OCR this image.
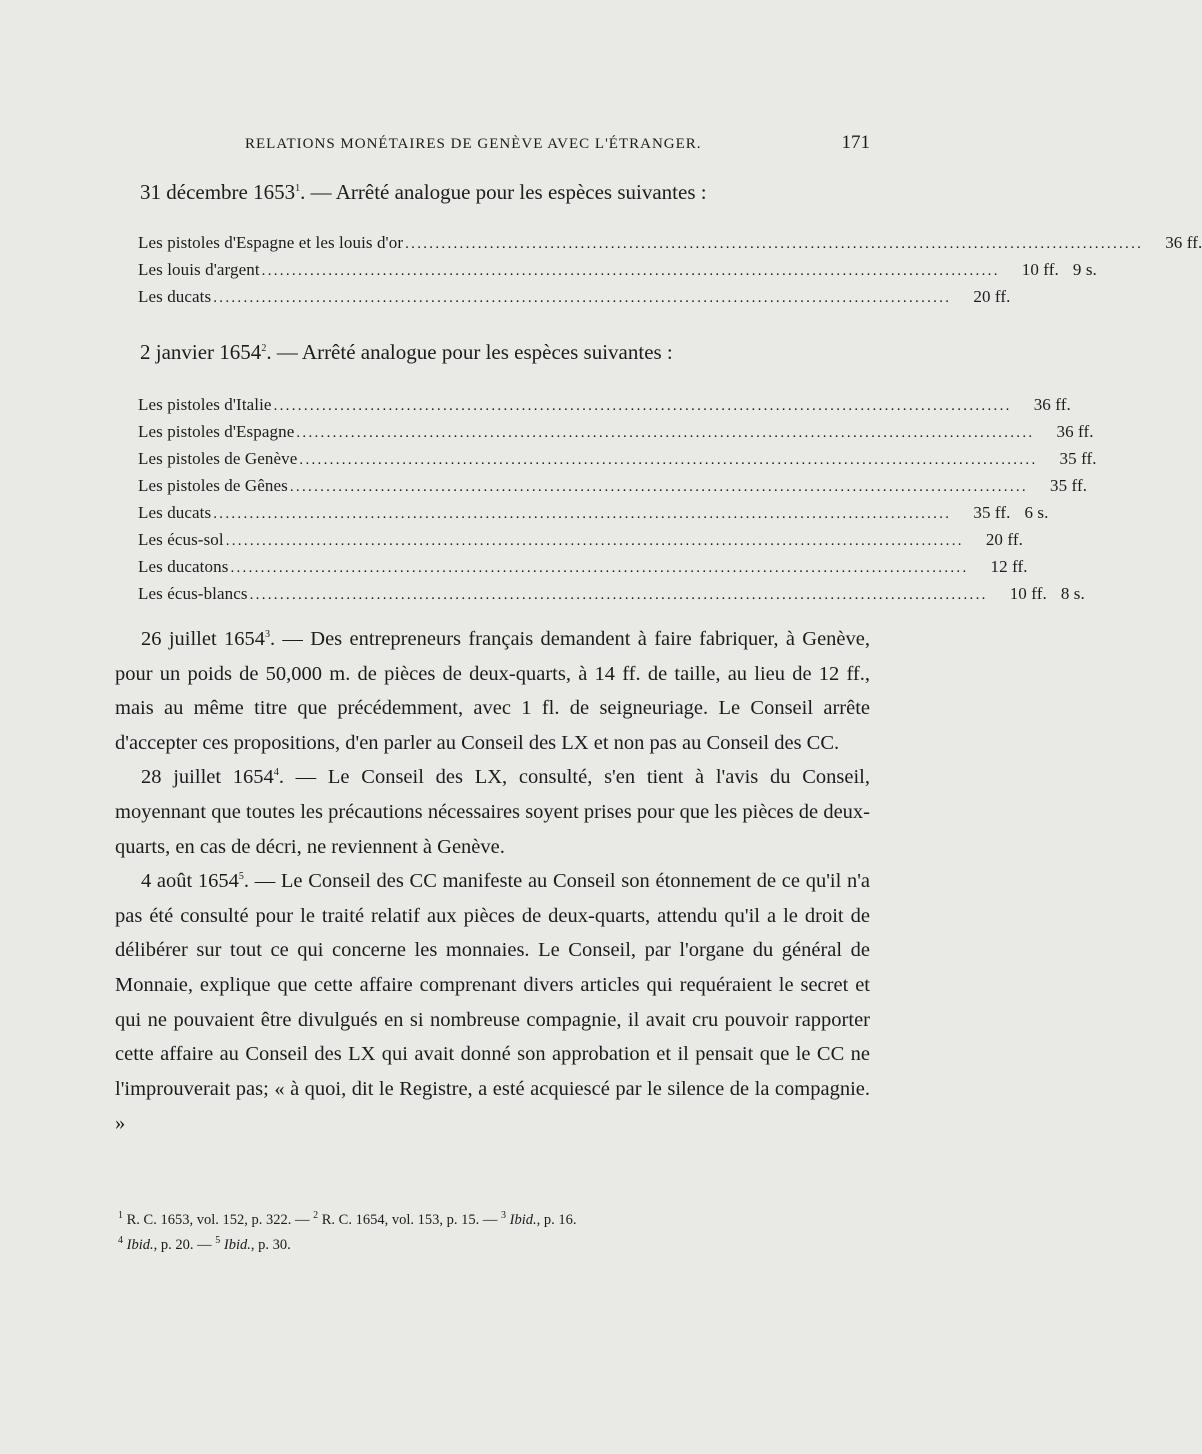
RELATIONS MONÉTAIRES DE GENÈVE AVEC L'ÉTRANGER.	171
31 décembre 1653$^1$. — Arrêté analogue pour les espèces suivantes :
Les pistoles d'Espagne et les louis d'or .......................................................................................................................... 36 ff.
Les louis d'argent .......................................................................................................................... 10 ff. 9 s.
Les ducats .......................................................................................................................... 20 ff.
2 janvier 1654$^2$. — Arrêté analogue pour les espèces suivantes :
Les pistoles d'Italie .......................................................................................................................... 36 ff.
Les pistoles d'Espagne .......................................................................................................................... 36 ff.
Les pistoles de Genève .......................................................................................................................... 35 ff.
Les pistoles de Gênes .......................................................................................................................... 35 ff.
Les ducats .......................................................................................................................... 35 ff. 6 s.
Les écus-sol .......................................................................................................................... 20 ff.
Les ducatons .......................................................................................................................... 12 ff.
Les écus-blancs .......................................................................................................................... 10 ff. 8 s.

26 juillet 1654$^3$. — Des entrepreneurs français demandent à faire fabriquer, à Genève, pour un poids de 50,000 m. de pièces de deux-quarts, à 14 ff. de taille, au lieu de 12 ff., mais au même titre que précédemment, avec 1 fl. de seigneuriage. Le Conseil arrête d'accepter ces propositions, d'en parler au Conseil des LX et non pas au Conseil des CC.

28 juillet 1654$^4$. — Le Conseil des LX, consulté, s'en tient à l'avis du Conseil, moyennant que toutes les précautions nécessaires soyent prises pour que les pièces de deux-quarts, en cas de décri, ne reviennent à Genève.

4 août 1654$^5$. — Le Conseil des CC manifeste au Conseil son étonnement de ce qu'il n'a pas été consulté pour le traité relatif aux pièces de deux-quarts, attendu qu'il a le droit de délibérer sur tout ce qui concerne les monnaies. Le Conseil, par l'organe du général de Monnaie, explique que cette affaire comprenant divers articles qui requéraient le secret et qui ne pouvaient être divulgués en si nombreuse compagnie, il avait cru pouvoir rapporter cette affaire au Conseil des LX qui avait donné son approbation et il pensait que le CC ne l'improuverait pas; « à quoi, dit le Registre, a esté acquiescé par le silence de la compagnie. »

$^1$ R. C. 1653, vol. 152, p. 322. — $^2$ R. C. 1654, vol. 153, p. 15. — $^3$ Ibid., p. 16.
$^4$ Ibid., p. 20. — $^5$ Ibid., p. 30.
